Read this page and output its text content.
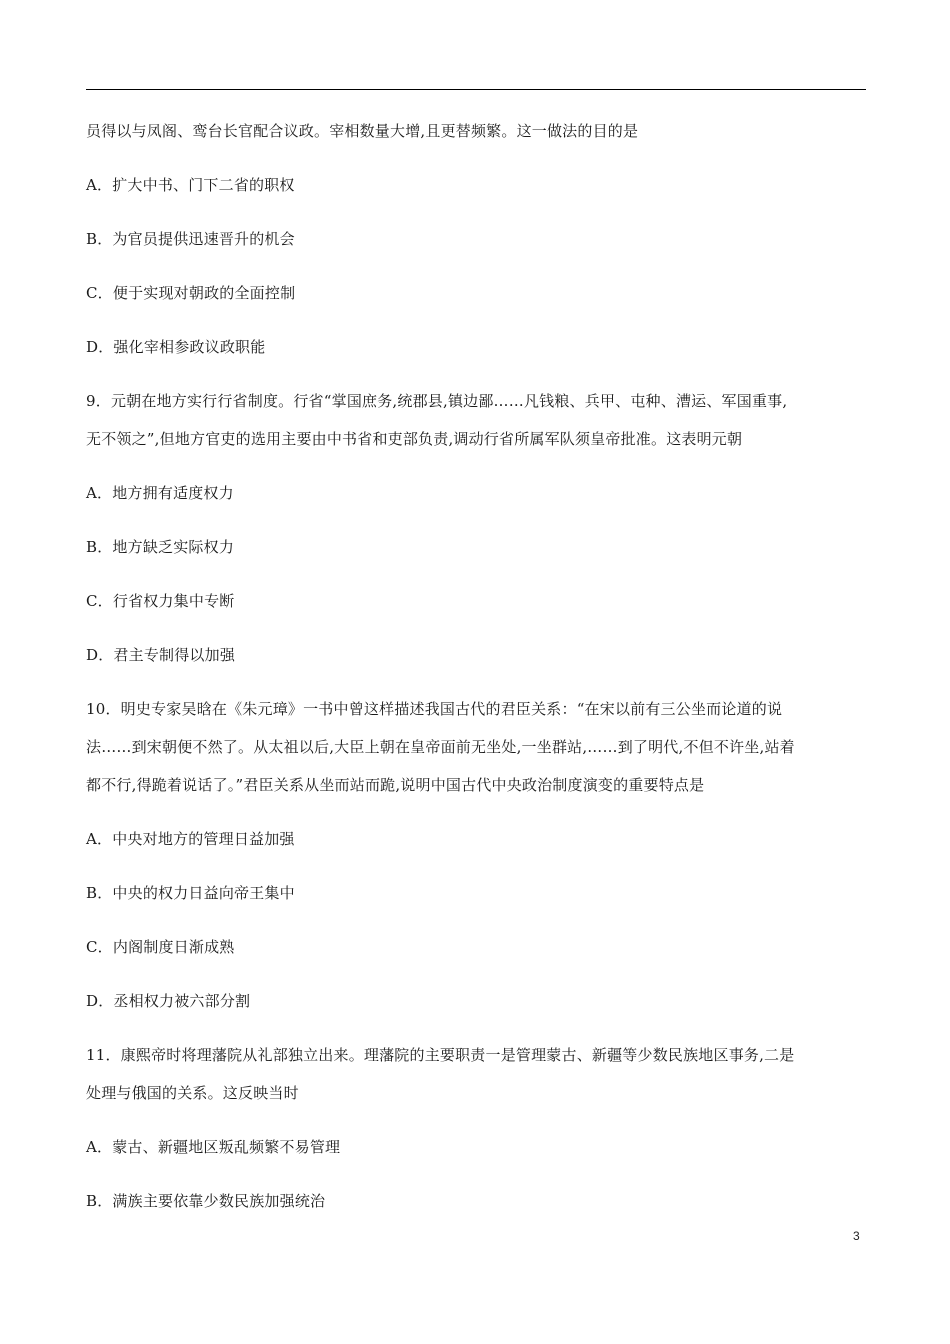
员得以与凤阁、鸾台长官配合议政。宰相数量大增,且更替频繁。这一做法的目的是
A．扩大中书、门下二省的职权
B．为官员提供迅速晋升的机会
C．便于实现对朝政的全面控制
D．强化宰相参政议政职能
9．元朝在地方实行行省制度。行省“掌国庶务,统郡县,镇边鄙……凡钱粮、兵甲、屯种、漕运、军国重事,
无不领之”,但地方官吏的选用主要由中书省和吏部负责,调动行省所属军队须皇帝批准。这表明元朝
A．地方拥有适度权力
B．地方缺乏实际权力
C．行省权力集中专断
D．君主专制得以加强
10．明史专家吴晗在《朱元璋》一书中曾这样描述我国古代的君臣关系：“在宋以前有三公坐而论道的说
法……到宋朝便不然了。从太祖以后,大臣上朝在皇帝面前无坐处,一坐群站,……到了明代,不但不许坐,站着
都不行,得跪着说话了。”君臣关系从坐而站而跪,说明中国古代中央政治制度演变的重要特点是
A．中央对地方的管理日益加强
B．中央的权力日益向帝王集中
C．内阁制度日渐成熟
D．丞相权力被六部分割
11．康熙帝时将理藩院从礼部独立出来。理藩院的主要职责一是管理蒙古、新疆等少数民族地区事务,二是
处理与俄国的关系。这反映当时
A．蒙古、新疆地区叛乱频繁不易管理
B．满族主要依靠少数民族加强统治
3
